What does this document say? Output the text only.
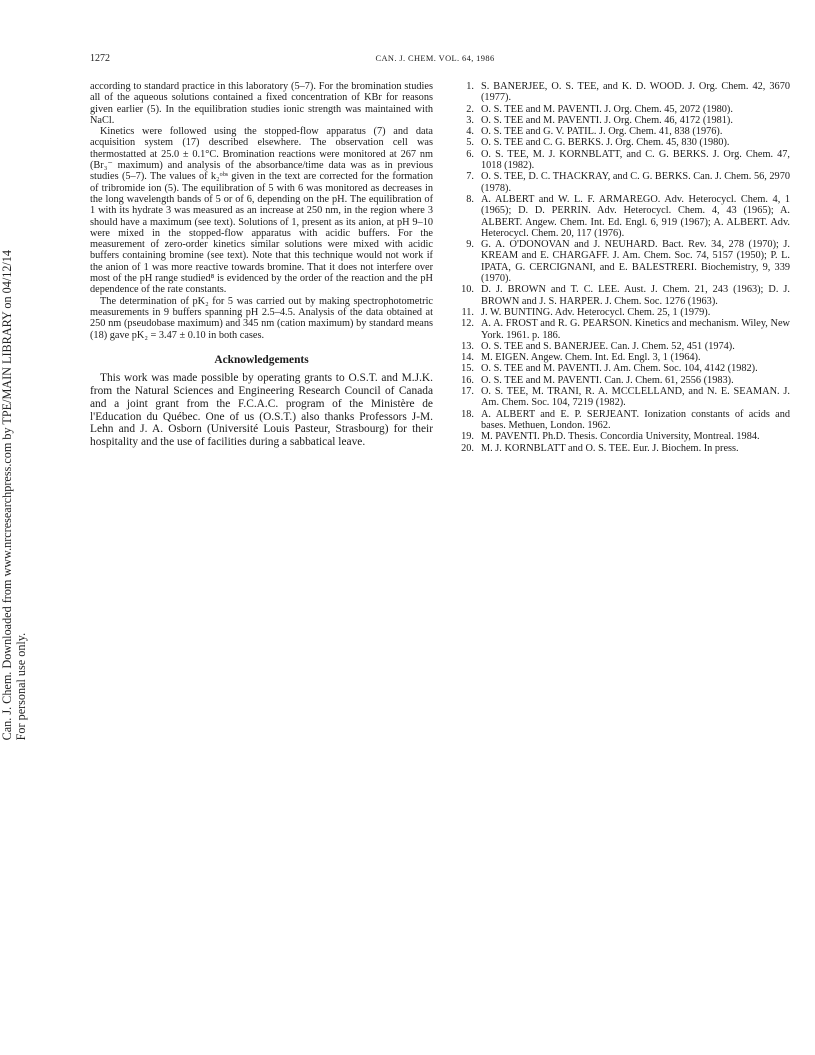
Can. J. Chem. Downloaded from www.nrcresearchpress.com by TPE/MAIN LIBRARY on 04/12/14 For personal use only.
1272	CAN. J. CHEM. VOL. 64, 1986

according to standard practice in this laboratory (5–7). For the bromination studies all of the aqueous solutions contained a fixed concentration of KBr for reasons given earlier (5). In the equilibration studies ionic strength was maintained with NaCl.

Kinetics were followed using the stopped-flow apparatus (7) and data acquisition system (17) described elsewhere. The observation cell was thermostatted at 25.0 ± 0.1°C. Bromination reactions were monitored at 267 nm (Br₃⁻ maximum) and analysis of the absorbance/time data was as in previous studies (5–7). The values of k₂ᵒᵇˢ given in the text are corrected for the formation of tribromide ion (5). The equilibration of 5 with 6 was monitored as decreases in the long wavelength bands of 5 or of 6, depending on the pH. The equilibration of 1 with its hydrate 3 was measured as an increase at 250 nm, in the region where 3 should have a maximum (see text). Solutions of 1, present as its anion, at pH 9–10 were mixed in the stopped-flow apparatus with acidic buffers. For the measurement of zero-order kinetics similar solutions were mixed with acidic buffers containing bromine (see text). Note that this technique would not work if the anion of 1 was more reactive towards bromine. That it does not interfere over most of the pH range studied⁸ is evidenced by the order of the reaction and the pH dependence of the rate constants.

The determination of pK₂ for 5 was carried out by making spectrophotometric measurements in 9 buffers spanning pH 2.5–4.5. Analysis of the data obtained at 250 nm (pseudobase maximum) and 345 nm (cation maximum) by standard means (18) gave pK₂ = 3.47 ± 0.10 in both cases.

Acknowledgements

This work was made possible by operating grants to O.S.T. and M.J.K. from the Natural Sciences and Engineering Research Council of Canada and a joint grant from the F.C.A.C. program of the Ministère de l'Education du Québec. One of us (O.S.T.) also thanks Professors J-M. Lehn and J. A. Osborn (Université Louis Pasteur, Strasbourg) for their hospitality and the use of facilities during a sabbatical leave.

1. S. BANERJEE, O. S. TEE, and K. D. WOOD. J. Org. Chem. 42, 3670 (1977).
2. O. S. TEE and M. PAVENTI. J. Org. Chem. 45, 2072 (1980).
3. O. S. TEE and M. PAVENTI. J. Org. Chem. 46, 4172 (1981).
4. O. S. TEE and G. V. PATIL. J. Org. Chem. 41, 838 (1976).
5. O. S. TEE and C. G. BERKS. J. Org. Chem. 45, 830 (1980).
6. O. S. TEE, M. J. KORNBLATT, and C. G. BERKS. J. Org. Chem. 47, 1018 (1982).
7. O. S. TEE, D. C. THACKRAY, and C. G. BERKS. Can. J. Chem. 56, 2970 (1978).
8. A. ALBERT and W. L. F. ARMAREGO. Adv. Heterocycl. Chem. 4, 1 (1965); D. D. PERRIN. Adv. Heterocycl. Chem. 4, 43 (1965); A. ALBERT. Angew. Chem. Int. Ed. Engl. 6, 919 (1967); A. ALBERT. Adv. Heterocycl. Chem. 20, 117 (1976).
9. G. A. O'DONOVAN and J. NEUHARD. Bact. Rev. 34, 278 (1970); J. KREAM and E. CHARGAFF. J. Am. Chem. Soc. 74, 5157 (1950); P. L. IPATA, G. CERCIGNANI, and E. BALESTRERI. Biochemistry, 9, 339 (1970).
10. D. J. BROWN and T. C. LEE. Aust. J. Chem. 21, 243 (1963); D. J. BROWN and J. S. HARPER. J. Chem. Soc. 1276 (1963).
11. J. W. BUNTING. Adv. Heterocycl. Chem. 25, 1 (1979).
12. A. A. FROST and R. G. PEARSON. Kinetics and mechanism. Wiley, New York. 1961. p. 186.
13. O. S. TEE and S. BANERJEE. Can. J. Chem. 52, 451 (1974).
14. M. EIGEN. Angew. Chem. Int. Ed. Engl. 3, 1 (1964).
15. O. S. TEE and M. PAVENTI. J. Am. Chem. Soc. 104, 4142 (1982).
16. O. S. TEE and M. PAVENTI. Can. J. Chem. 61, 2556 (1983).
17. O. S. TEE, M. TRANI, R. A. MCCLELLAND, and N. E. SEAMAN. J. Am. Chem. Soc. 104, 7219 (1982).
18. A. ALBERT and E. P. SERJEANT. Ionization constants of acids and bases. Methuen, London. 1962.
19. M. PAVENTI. Ph.D. Thesis. Concordia University, Montreal. 1984.
20. M. J. KORNBLATT and O. S. TEE. Eur. J. Biochem. In press.
